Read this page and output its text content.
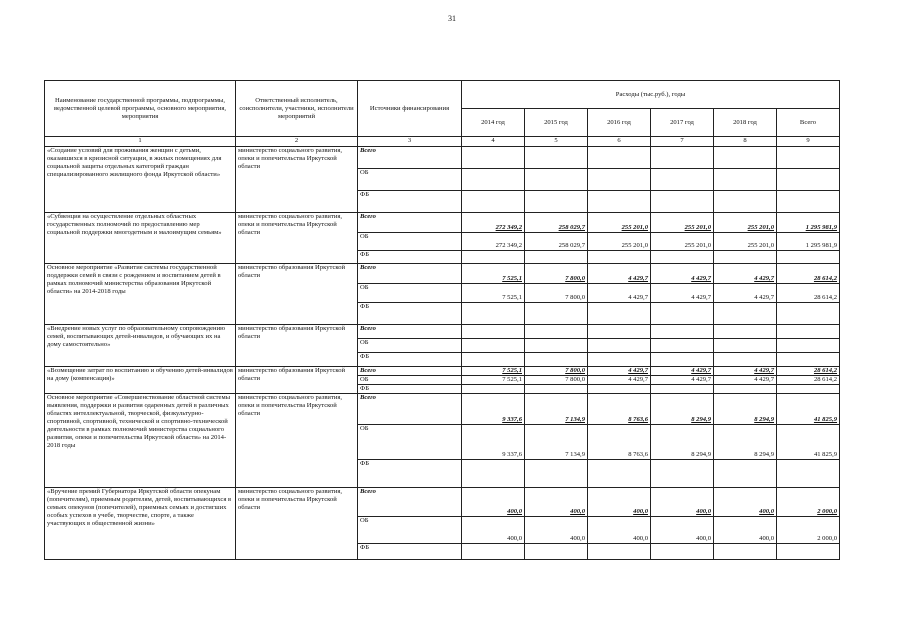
31
Наименование государственной программы, подпрограммы, ведомственной целевой программы, основного мероприятия, мероприятия	Ответственный исполнитель, соисполнители, участники, исполнители мероприятий	Источники финансирования	Расходы (тыс.руб.), годы					
			2014 год	2015 год	2016 год	2017 год	2018 год	Всего
1	2	3	4	5	6	7	8	9
«Создание условий для проживания женщин с детьми, оказавшихся в кризисной ситуации, в жилых помещениях для социальной защиты отдельных категорий граждан специализированного жилищного фонда Иркутской области»	министерство социального развития, опеки и попечительства Иркутской области	Всего						
		ОБ						
		ФБ						
«Субвенция на осуществление отдельных областных государственных полномочий по предоставлению мер социальной поддержки многодетным и малоимущим семьям»	министерство социального развития, опеки и попечительства Иркутской области	Всего	272 349,2	258 029,7	255 201,0	255 201,0	255 201,0	1 295 981,9
		ОБ	272 349,2	258 029,7	255 201,0	255 201,0	255 201,0	1 295 981,9
		ФБ						
Основное мероприятие «Развитие системы государственной поддержки семей в связи с рождением и воспитанием детей в рамках полномочий министерства образования Иркутской области» на 2014-2018 годы	министерство образования Иркутской области	Всего	7 525,1	7 800,0	4 429,7	4 429,7	4 429,7	28 614,2
		ОБ	7 525,1	7 800,0	4 429,7	4 429,7	4 429,7	28 614,2
		ФБ						
«Внедрение новых услуг по образовательному сопровождению семей, воспитывающих детей-инвалидов, и обучающих их на дому самостоятельно»	министерство образования Иркутской области	Всего						
		ОБ						
		ФБ						
«Возмещение затрат по воспитанию и обучению детей-инвалидов на дому (компенсация)»	министерство образования Иркутской области	Всего	7 525,1	7 800,0	4 429,7	4 429,7	4 429,7	28 614,2
		ОБ	7 525,1	7 800,0	4 429,7	4 429,7	4 429,7	28 614,2
		ФБ						
Основное мероприятие «Совершенствование областной системы выявления, поддержки и развития одаренных детей в различных областях интеллектуальной, творческой, физкультурно-спортивной, спортивной, технической и спортивно-технической деятельности в рамках полномочий министерства социального развития, опеки и попечительства Иркутской области» на 2014-2018 годы	министерство социального развития, опеки и попечительства Иркутской области	Всего	9 337,6	7 134,9	8 763,6	8 294,9	8 294,9	41 825,9
		ОБ	9 337,6	7 134,9	8 763,6	8 294,9	8 294,9	41 825,9
		ФБ						
«Вручение премий Губернатора Иркутской области опекунам (попечителям), приемным родителям, детей, воспитывающихся в семьях опекунов (попечителей), приемных семьях и достигших особых успехов в учебе, творчестве, спорте, а также участвующих в общественной жизни»	министерство социального развития, опеки и попечительства Иркутской области	Всего	400,0	400,0	400,0	400,0	400,0	2 000,0
		ОБ	400,0	400,0	400,0	400,0	400,0	2 000,0
		ФБ						
